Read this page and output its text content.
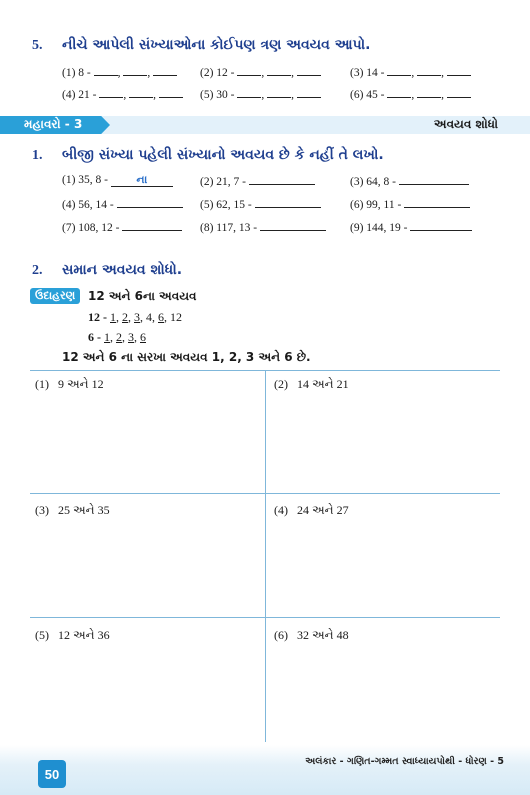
5. નીચે આપેલી સંખ્યાઓના કોઈપણ ત્રણ અવયવ આપો.
(1) 8 - , ,	(2) 12 - , ,	(3) 14 - , ,
(4) 21 - , ,	(5) 30 - , ,	(6) 45 - , ,
મહાવરો - 3	અવયવ શોધો
1. બીજી સંખ્યા પહેલી સંખ્યાનો અવયવ છે કે નહીં તે લખો.
(1) 35, 8 -	ના	(2) 21, 7 -	(3) 64, 8 -
(4) 56, 14 -	(5) 62, 15 -	(6) 99, 11 -
(7) 108, 12 -	(8) 117, 13 -	(9) 144, 19 -
2. સમાન અવયવ શોધો.
ઉદાહરણ	12 અને 6ના અવયવ
12 - 1, 2, 3, 4, 6, 12
6 - 1, 2, 3, 6
12 અને 6 ના સરખા અવયવ 1, 2, 3 અને 6 છે.
(1) 9 અને 12	(2) 14 અને 21
(3) 25 અને 35	(4) 24 અને 27
(5) 12 અને 36	(6) 32 અને 48
50
અલંકાર - ગણિત-ગમ્મત સ્વાધ્યાયપોથી - ધોરણ - 5
